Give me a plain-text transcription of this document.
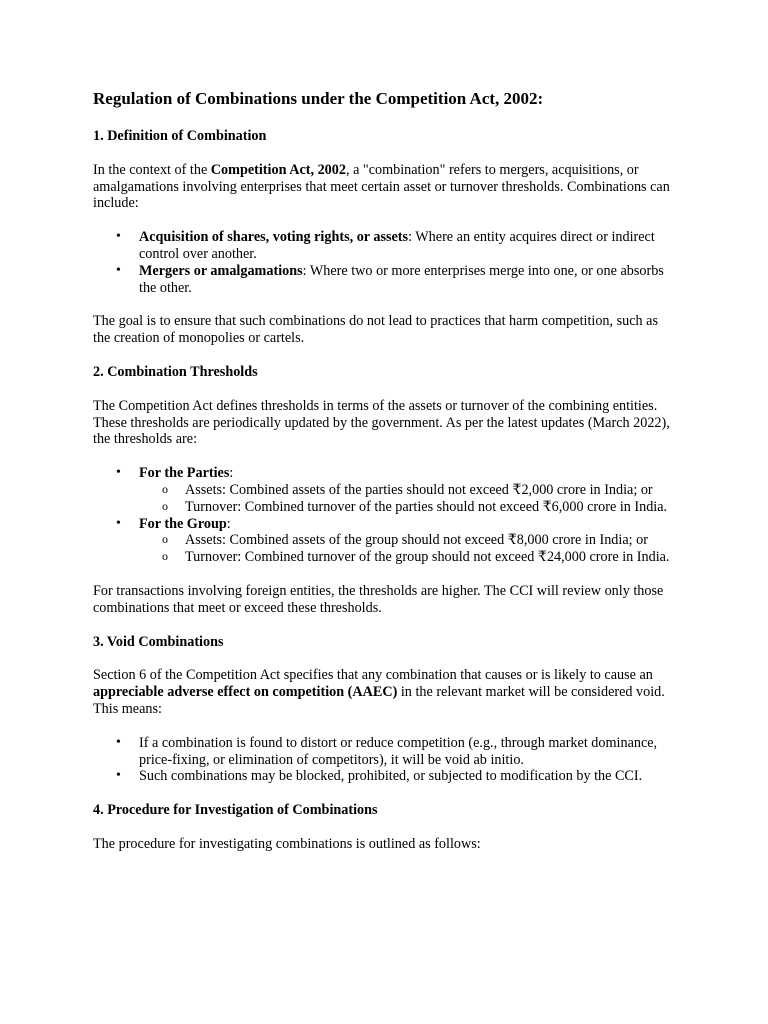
Regulation of Combinations under the Competition Act, 2002:
1. Definition of Combination

In the context of the Competition Act, 2002, a "combination" refers to mergers, acquisitions, or amalgamations involving enterprises that meet certain asset or turnover thresholds. Combinations can include:

• Acquisition of shares, voting rights, or assets: Where an entity acquires direct or indirect control over another.
• Mergers or amalgamations: Where two or more enterprises merge into one, or one absorbs the other.

The goal is to ensure that such combinations do not lead to practices that harm competition, such as the creation of monopolies or cartels.

2. Combination Thresholds

The Competition Act defines thresholds in terms of the assets or turnover of the combining entities. These thresholds are periodically updated by the government. As per the latest updates (March 2022), the thresholds are:

• For the Parties:
o Assets: Combined assets of the parties should not exceed ₹2,000 crore in India; or
o Turnover: Combined turnover of the parties should not exceed ₹6,000 crore in India.
• For the Group:
o Assets: Combined assets of the group should not exceed ₹8,000 crore in India; or
o Turnover: Combined turnover of the group should not exceed ₹24,000 crore in India.

For transactions involving foreign entities, the thresholds are higher. The CCI will review only those combinations that meet or exceed these thresholds.

3. Void Combinations

Section 6 of the Competition Act specifies that any combination that causes or is likely to cause an appreciable adverse effect on competition (AAEC) in the relevant market will be considered void. This means:

• If a combination is found to distort or reduce competition (e.g., through market dominance, price-fixing, or elimination of competitors), it will be void ab initio.
• Such combinations may be blocked, prohibited, or subjected to modification by the CCI.
4. Procedure for Investigation of Combinations

The procedure for investigating combinations is outlined as follows:
